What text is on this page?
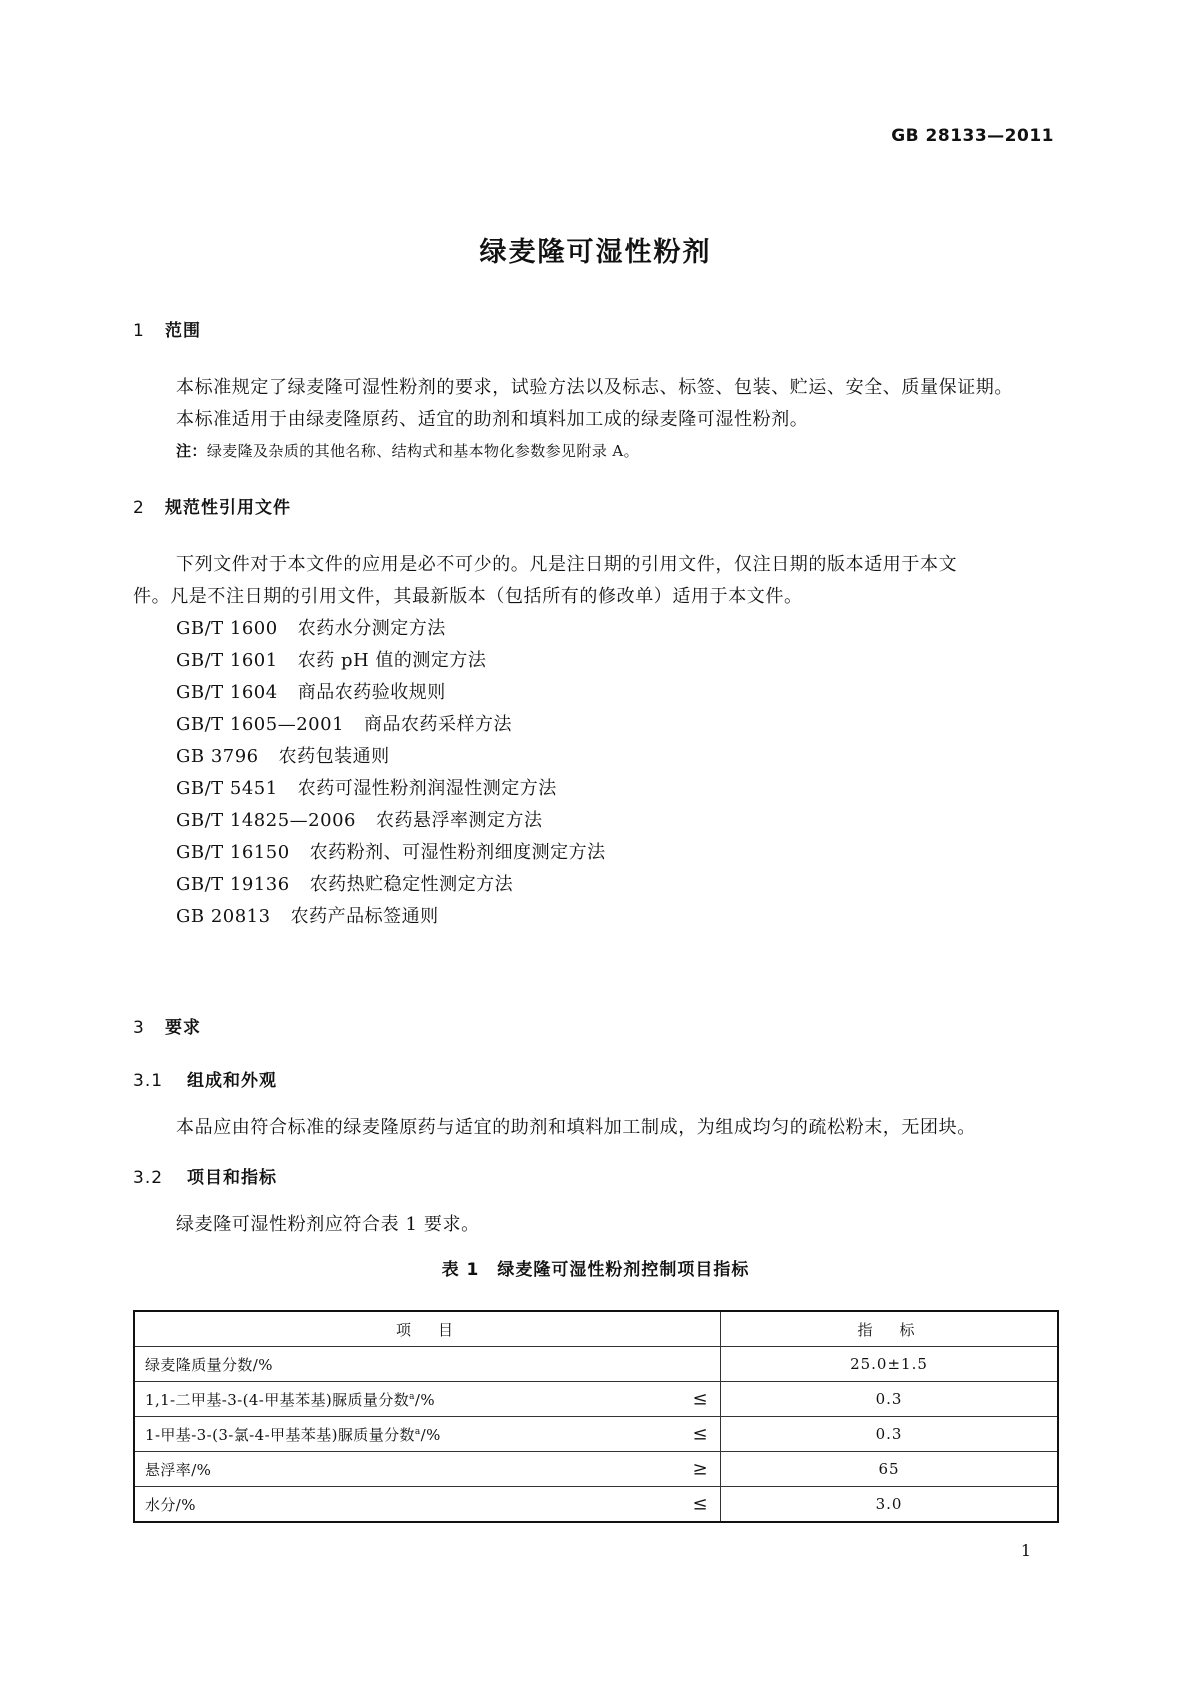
GB 28133—2011
绿麦隆可湿性粉剂
1 范围
本标准规定了绿麦隆可湿性粉剂的要求，试验方法以及标志、标签、包装、贮运、安全、质量保证期。
本标准适用于由绿麦隆原药、适宜的助剂和填料加工成的绿麦隆可湿性粉剂。
注：绿麦隆及杂质的其他名称、结构式和基本物化参数参见附录 A。
2 规范性引用文件
下列文件对于本文件的应用是必不可少的。凡是注日期的引用文件，仅注日期的版本适用于本文
件。凡是不注日期的引用文件，其最新版本（包括所有的修改单）适用于本文件。
GB/T 1600 农药水分测定方法
GB/T 1601 农药 pH 值的测定方法
GB/T 1604 商品农药验收规则
GB/T 1605—2001 商品农药采样方法
GB 3796 农药包装通则
GB/T 5451 农药可湿性粉剂润湿性测定方法
GB/T 14825—2006 农药悬浮率测定方法
GB/T 16150 农药粉剂、可湿性粉剂细度测定方法
GB/T 19136 农药热贮稳定性测定方法
GB 20813 农药产品标签通则
3 要求
3.1 组成和外观
本品应由符合标准的绿麦隆原药与适宜的助剂和填料加工制成，为组成均匀的疏松粉末，无团块。
3.2 项目和指标
绿麦隆可湿性粉剂应符合表 1 要求。
表 1　绿麦隆可湿性粉剂控制项目指标
项　目	指　标
绿麦隆质量分数/%	25.0±1.5
1,1-二甲基-3-(4-甲基苯基)脲质量分数$^a$/% ≤	0.3
1-甲基-3-(3-氯-4-甲基苯基)脲质量分数$^a$/% ≤	0.3
悬浮率/% ≥	65
水分/% ≤	3.0
1
